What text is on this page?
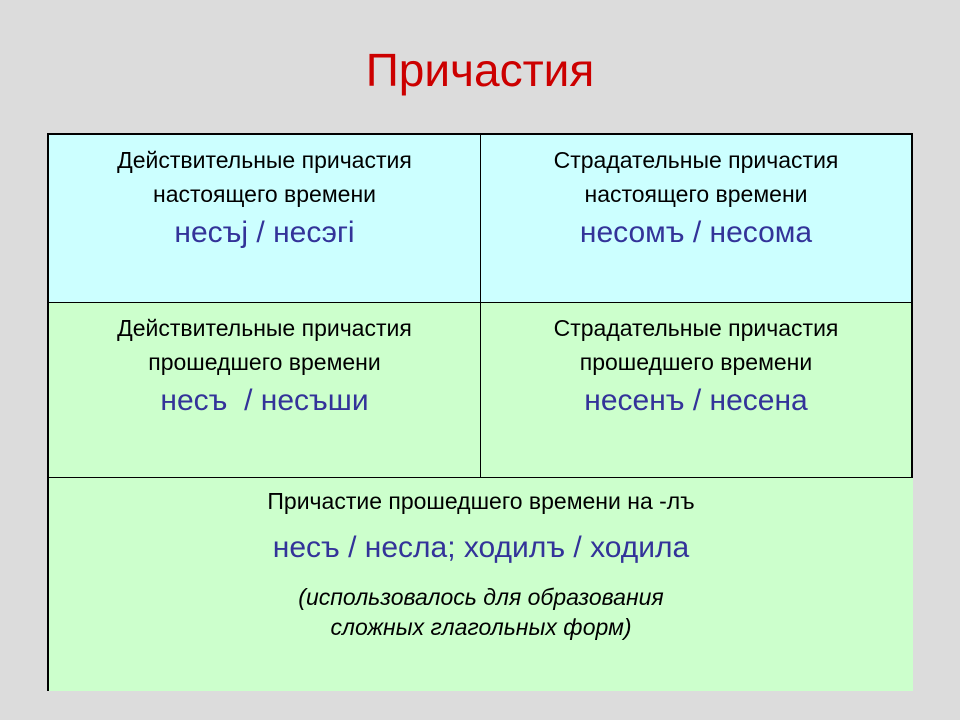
Причастия
Действительные причастия
настоящего времени
несъj / несэгi
Страдательные причастия
настоящего времени
несомъ / несома
Действительные причастия
прошедшего времени
несъ  / несъши
Страдательные причастия
прошедшего времени
несенъ / несена
Причастие прошедшего времени на -лъ
несъ / несла; ходилъ / ходила
(использовалось для образования
сложных глагольных форм)
